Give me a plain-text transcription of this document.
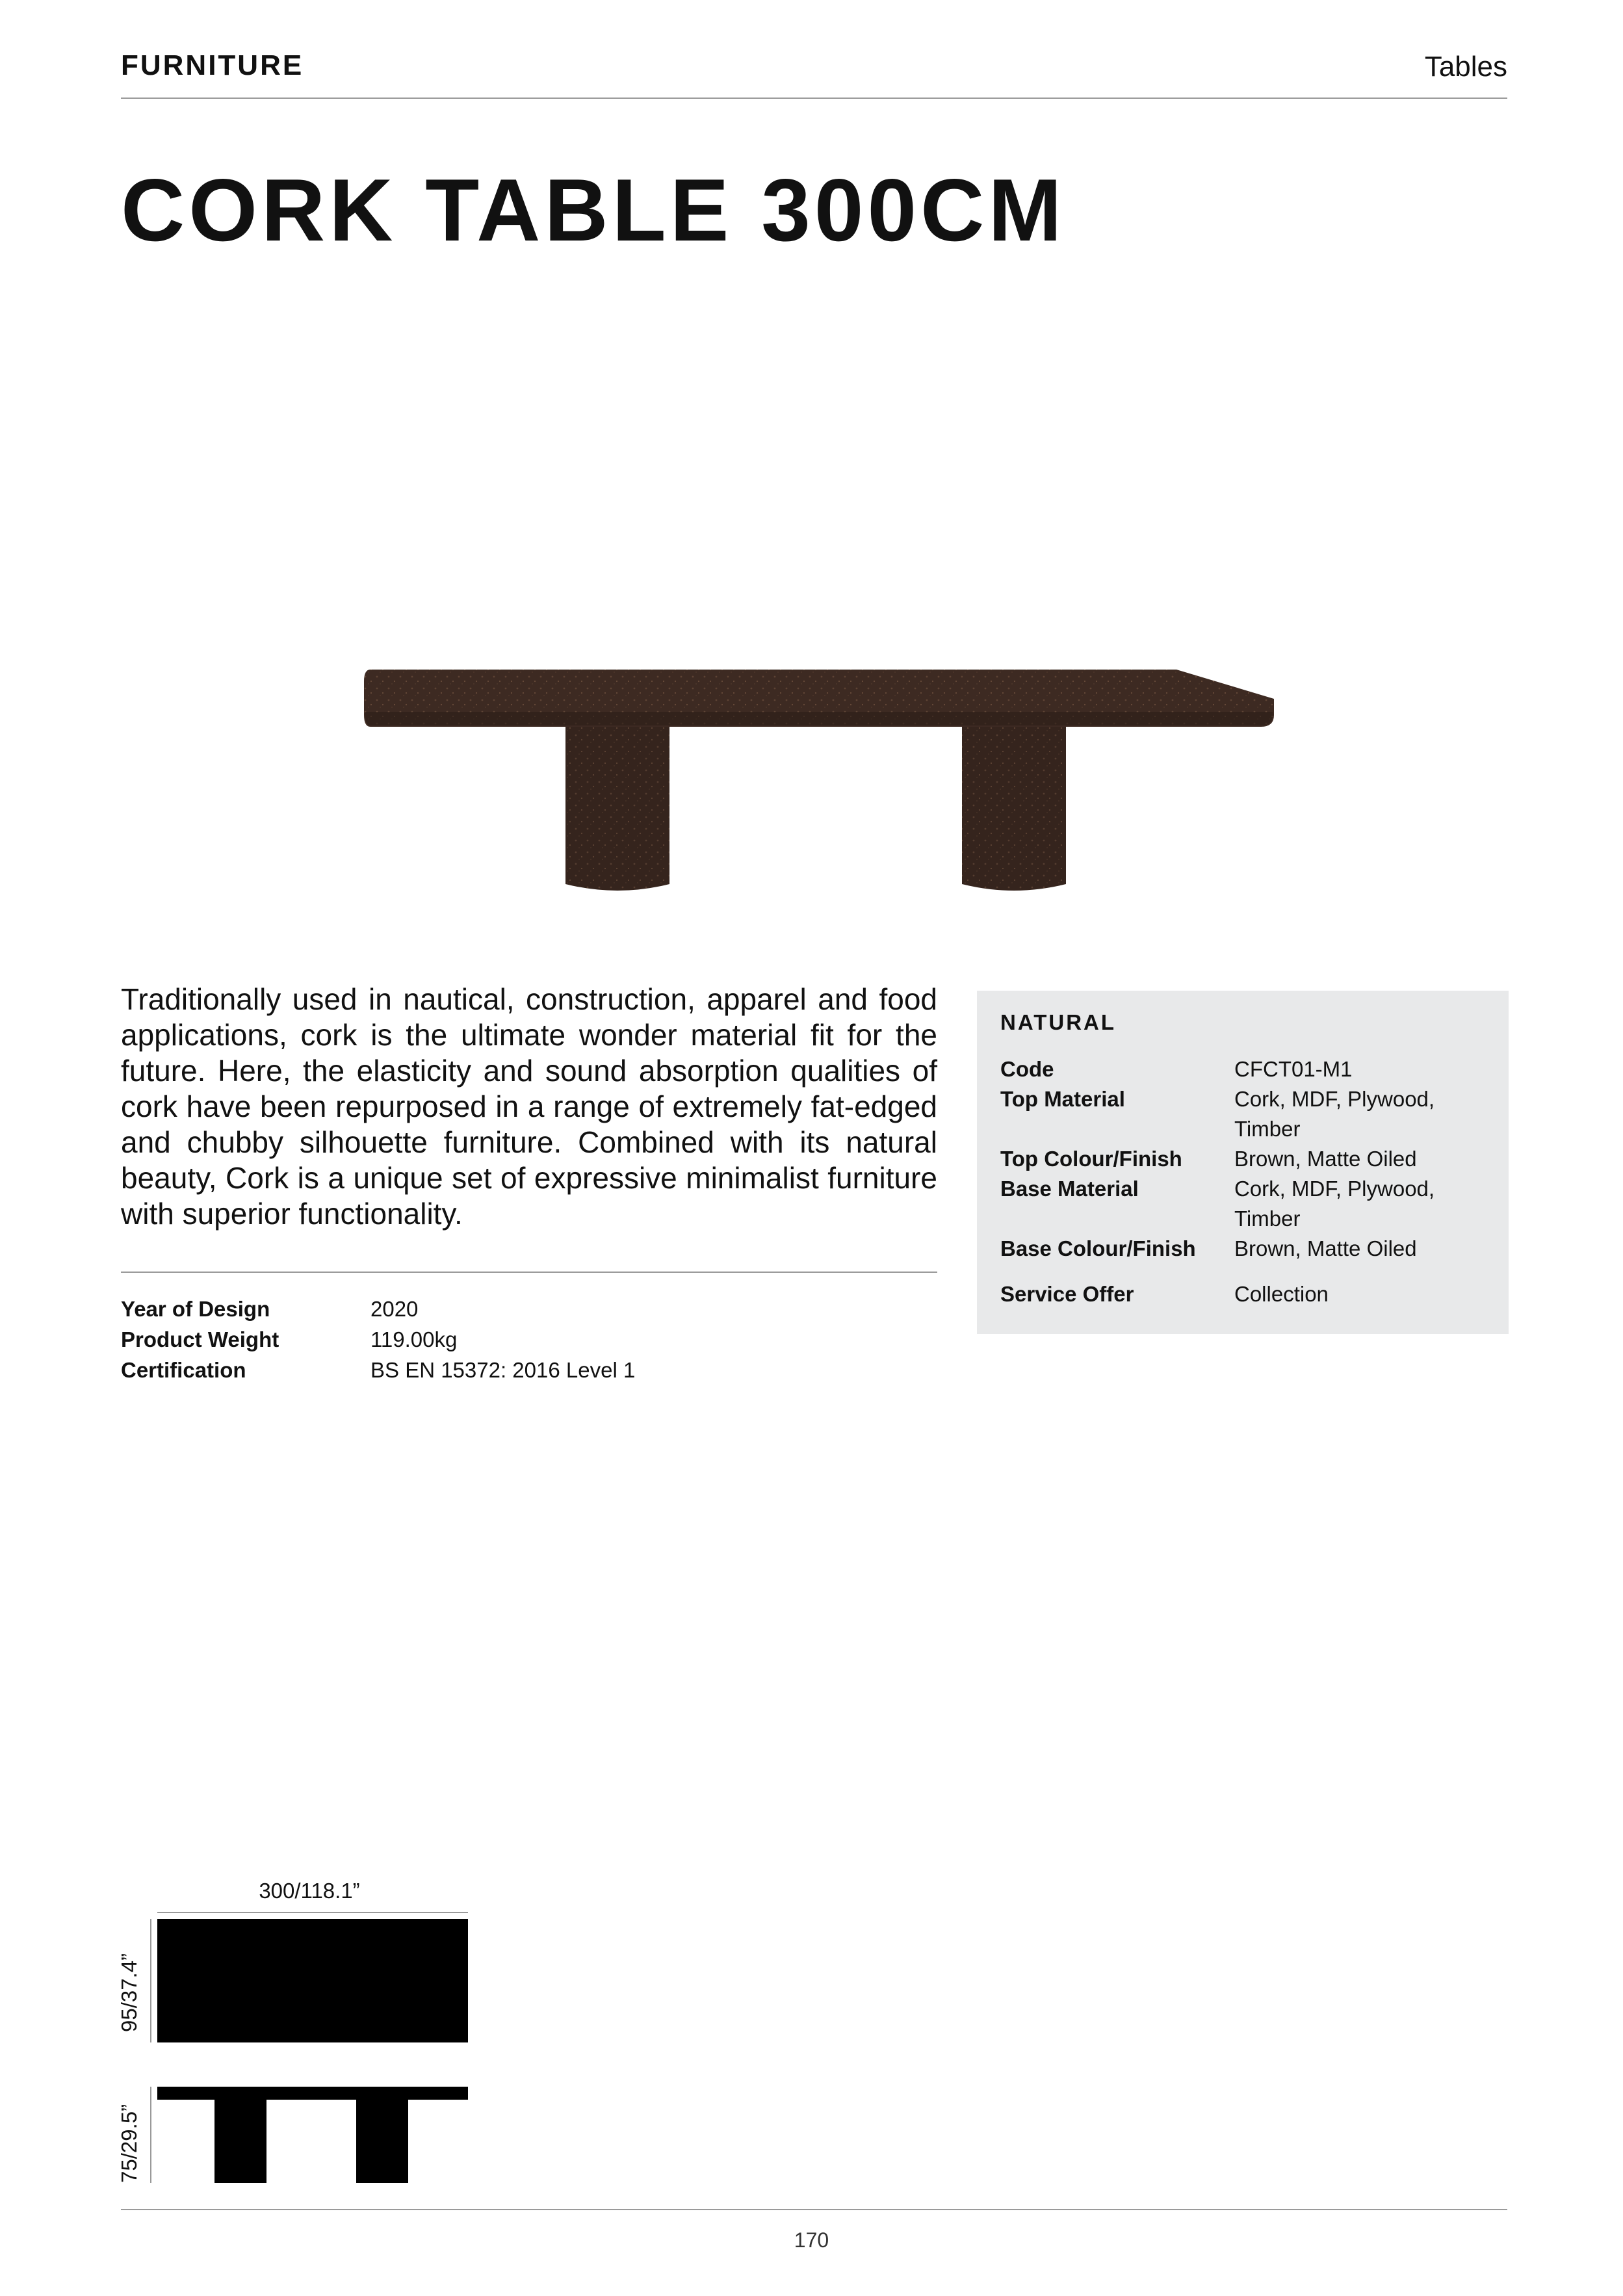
FURNITURE	Tables
CORK TABLE 300CM
Traditionally used in nautical, construction, apparel and food applications, cork is the ultimate wonder material fit for the future. Here, the elasticity and sound absorption qualities of cork have been repurposed in a range of extremely fat-edged and chubby silhouette furniture. Combined with its natural beauty, Cork is a unique set of expressive minimalist furniture with superior functionality.
Year of Design	2020
Product Weight	119.00kg
Certification	BS EN 15372: 2016 Level 1
NATURAL
Code	CFCT01-M1
Top Material	Cork, MDF, Plywood, Timber
Top Colour/Finish	Brown, Matte Oiled
Base Material	Cork, MDF, Plywood, Timber
Base Colour/Finish	Brown, Matte Oiled
Service Offer	Collection
300/118.1”
95/37.4”
75/29.5”
170
